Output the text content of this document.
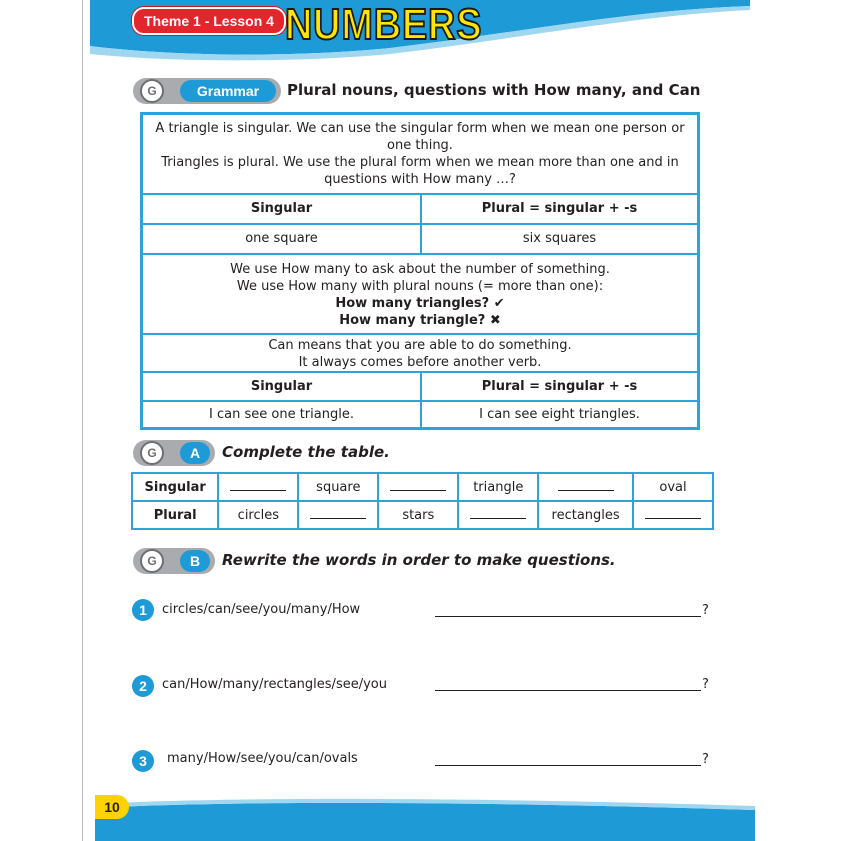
Theme 1 - Lesson 4 NUMBERS
G	Grammar	Plural nouns, questions with How many, and Can
A triangle is singular. We can use the singular form when we mean one person or one thing.
Triangles is plural. We use the plural form when we mean more than one and in questions with How many …?
Singular	Plural = singular + -s
one square	six squares
We use How many to ask about the number of something.
We use How many with plural nouns (= more than one):
How many triangles? ✔
How many triangle? ✖
Can means that you are able to do something.
It always comes before another verb.
Singular	Plural = singular + -s
I can see one triangle.	I can see eight triangles.
G	A	Complete the table.
Singular		square		triangle		oval
Plural	circles		stars		rectangles	
G	B	Rewrite the words in order to make questions.
1	circles/can/see/you/many/How	?
2	can/How/many/rectangles/see/you	?
3	many/How/see/you/can/ovals	?
10
